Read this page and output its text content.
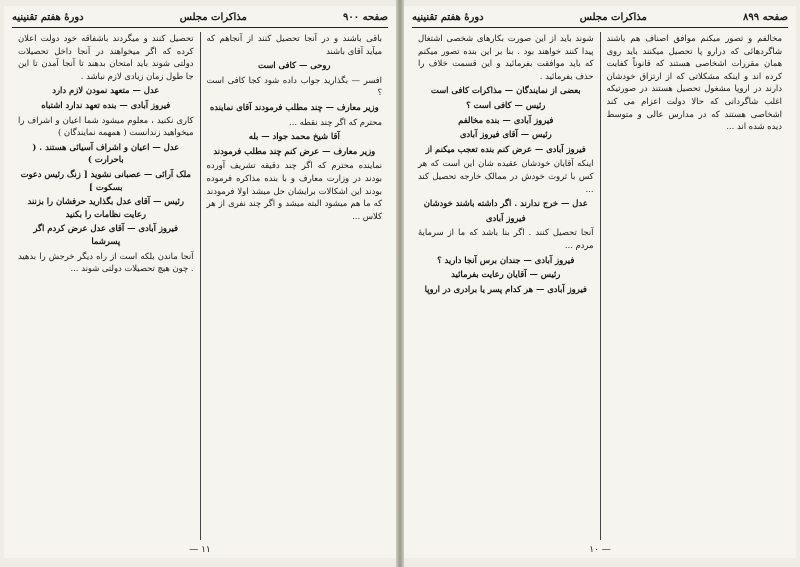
صفحه ۹۰۰
مذاکرات مجلس
دورهٔ هفتم تقنینیه

باقی باشند و در آنجا تحصیل کنند از آنجاهم که میآید آقای باشند

روحی — کافی است

افسر — بگذارید جواب داده شود کجا کافی است ؟

وزیر معارف — چند مطلب فرمودند آقای نماینده

محترم که اگر چند نقطه ...

آقا شیخ محمد جواد — بله

وزیر معارف — عرض کنم چند مطلب فرمودند

نماینده محترم که اگر چند دقیقه تشریف آورده بودند در وزارت معارف و با بنده مذاکره فرموده بودند این اشکالات برایشان حل میشد اولا فرمودند که ما هم میشود البته میشد و اگر چند نفری از هر کلاس ...

تحصیل کنند و میگردند باشفاقه خود دولت اعلان کرده که اگر میخواهند در آنجا داخل تحصیلات دولتی شوند باید امتحان بدهند تا آنجا آمدن تا این جا طول زمان زیادی لازم نباشد .

عدل — متعهد نمودن لازم دارد

فیروز آبادی — بنده تعهد ندارد اشتباه

کاری نکنید ، معلوم میشود شما اعیان و اشراف را میخواهید زندانست ( همهمه نمایندگان )

عدل — اعیان و اشراف آسیائی هستند . ( باحرارت )

ملک آرائی — عصبانی نشوید [ زنگ رئیس دعوت بسکوت ]

رئیس — آقای عدل بگذارید حرفشان را بزنند رعایت نظامات را بکنید

فیروز آبادی — آقای عدل عرض کردم اگر پسرشما

آنجا ماندن بلکه است از راه دیگر خرجش را بدهید . چون هیچ تحصیلات دولتی شوند ...

۱۱ —
صفحه ۸۹۹
مذاکرات مجلس
دورهٔ هفتم تقنینیه

مخالفم و تصور میکنم موافق اصناف هم باشند شاگردهائی که درارو پا تحصیل میکنند باید روی همان مقررات اشخاصی هستند که قانوناً کفایت کرده اند و اینکه مشکلاتی که از ارتزاق خودشان دارند در اروپا مشغول تحصیل هستند در صورتیکه اغلب شاگردانی که حالا دولت اعزام می کند اشخاصی هستند که در مدارس عالی و متوسط دیده شده اند ...

شوند باید از این صورت بکارهای شخصی اشتغال پیدا کنند خواهند بود . بنا بر این بنده تصور میکنم که باید موافقت بفرمائید و این قسمت خلاف را حذف بفرمائید .

بعضی از نمایندگان — مذاکرات کافی است

رئیس — کافی است ؟

فیروز آبادی — بنده مخالفم

رئیس — آقای فیروز آبادی

فیروز آبادی — عرض کنم بنده تعجب میکنم از

اینکه آقایان خودشان عقیده شان این است که هر کس با ثروت خودش در ممالک خارجه تحصیل کند ...

عدل — خرج ندارند . اگر داشته باشند خودشان

فیروز آبادی

آنجا تحصیل کنند . اگر بنا باشد که ما از سرمایهٔ مردم ...

فیروز آبادی — جندان برس آنجا دارید ؟

رئیس — آقایان رعایت بفرمائید

فیروز آبادی — هر کدام پسر یا برادری در اروپا

— ۱۰
